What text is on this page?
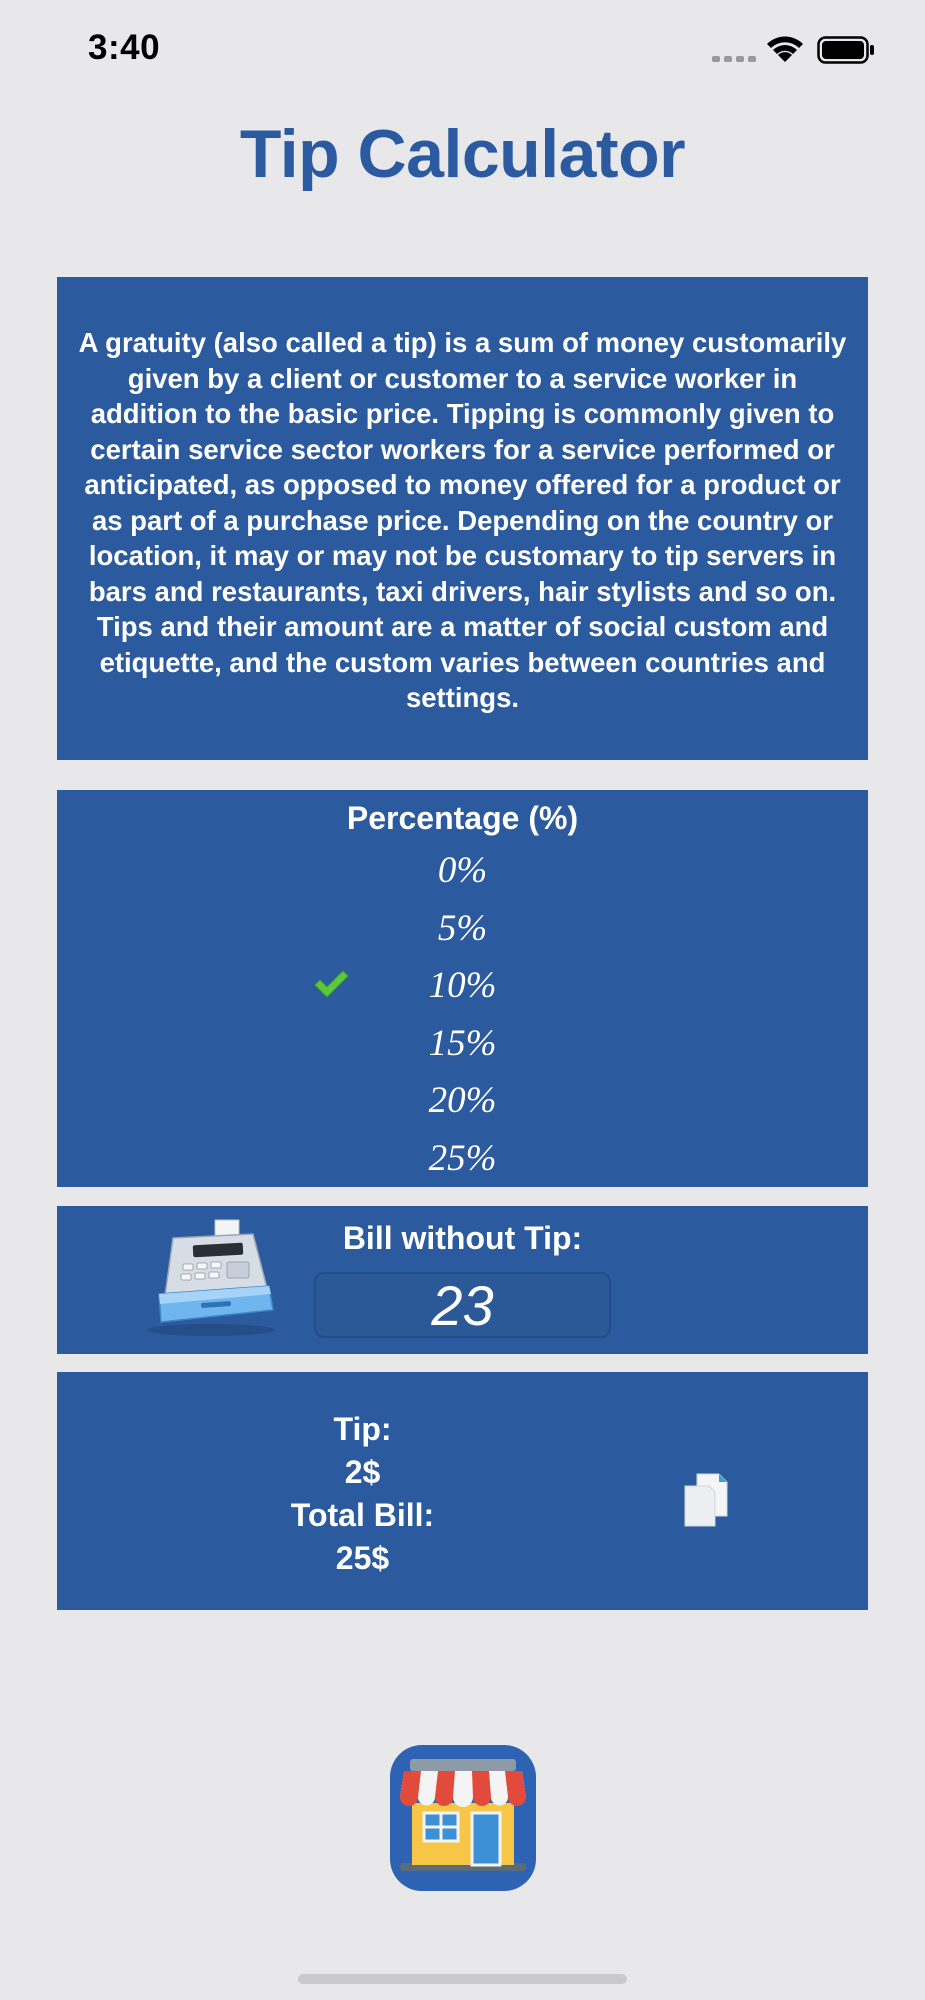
3:40
Tip Calculator

A gratuity (also called a tip) is a sum of money customarily given by a client or customer to a service worker in addition to the basic price. Tipping is commonly given to certain service sector workers for a service performed or anticipated, as opposed to money offered for a product or as part of a purchase price. Depending on the country or location, it may or may not be customary to tip servers in bars and restaurants, taxi drivers, hair stylists and so on. Tips and their amount are a matter of social custom and etiquette, and the custom varies between countries and settings.

Percentage (%)
0%
5%
10%
15%
20%
25%
Bill without Tip:
23
Tip:
2$
Total Bill:
25$
